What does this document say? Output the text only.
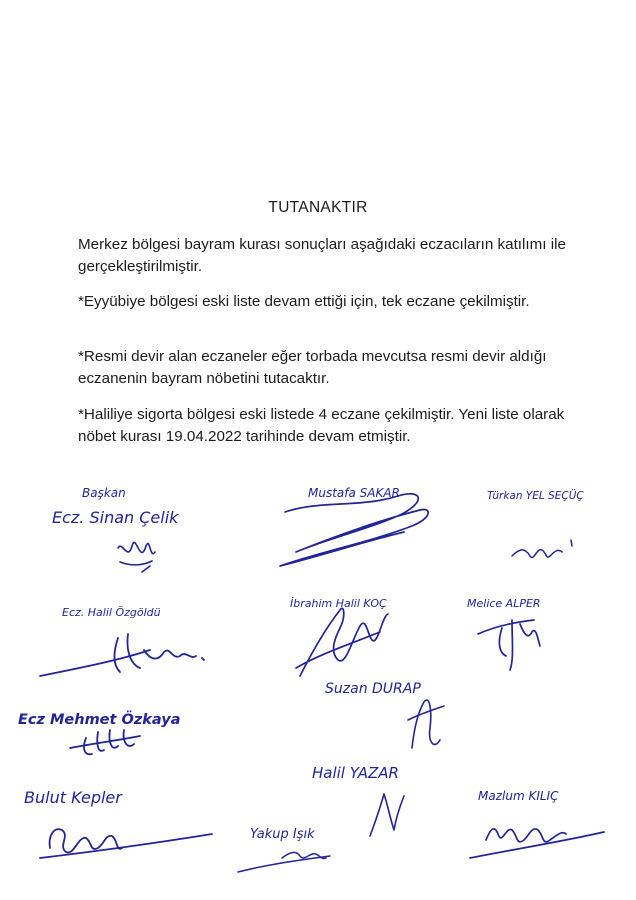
TUTANAKTIR

Merkez bölgesi bayram kurası sonuçları aşağıdaki eczacıların katılımı ile gerçekleştirilmiştir.

*Eyyübiye bölgesi eski liste devam ettiği için, tek eczane çekilmiştir.

*Resmi devir alan eczaneler eğer torbada mevcutsa resmi devir aldığı eczanenin bayram nöbetini tutacaktır.

*Haliliye sigorta bölgesi eski listede 4 eczane çekilmiştir. Yeni liste olarak nöbet kurası 19.04.2022 tarihinde devam etmiştir.

Başkan
Ecz. Sinan Çelik
Mustafa SAKAR	Türkan YEL SEÇÜÇ
Ecz. Halil Özgöldü
İbrahim Halil KOÇ	Melice ALPER
Suzan DURAP
Ecz Mehmet Özkaya
Halil YAZAR
Bulut Kepler
Yakup Işık
Mazlum KILIÇ
